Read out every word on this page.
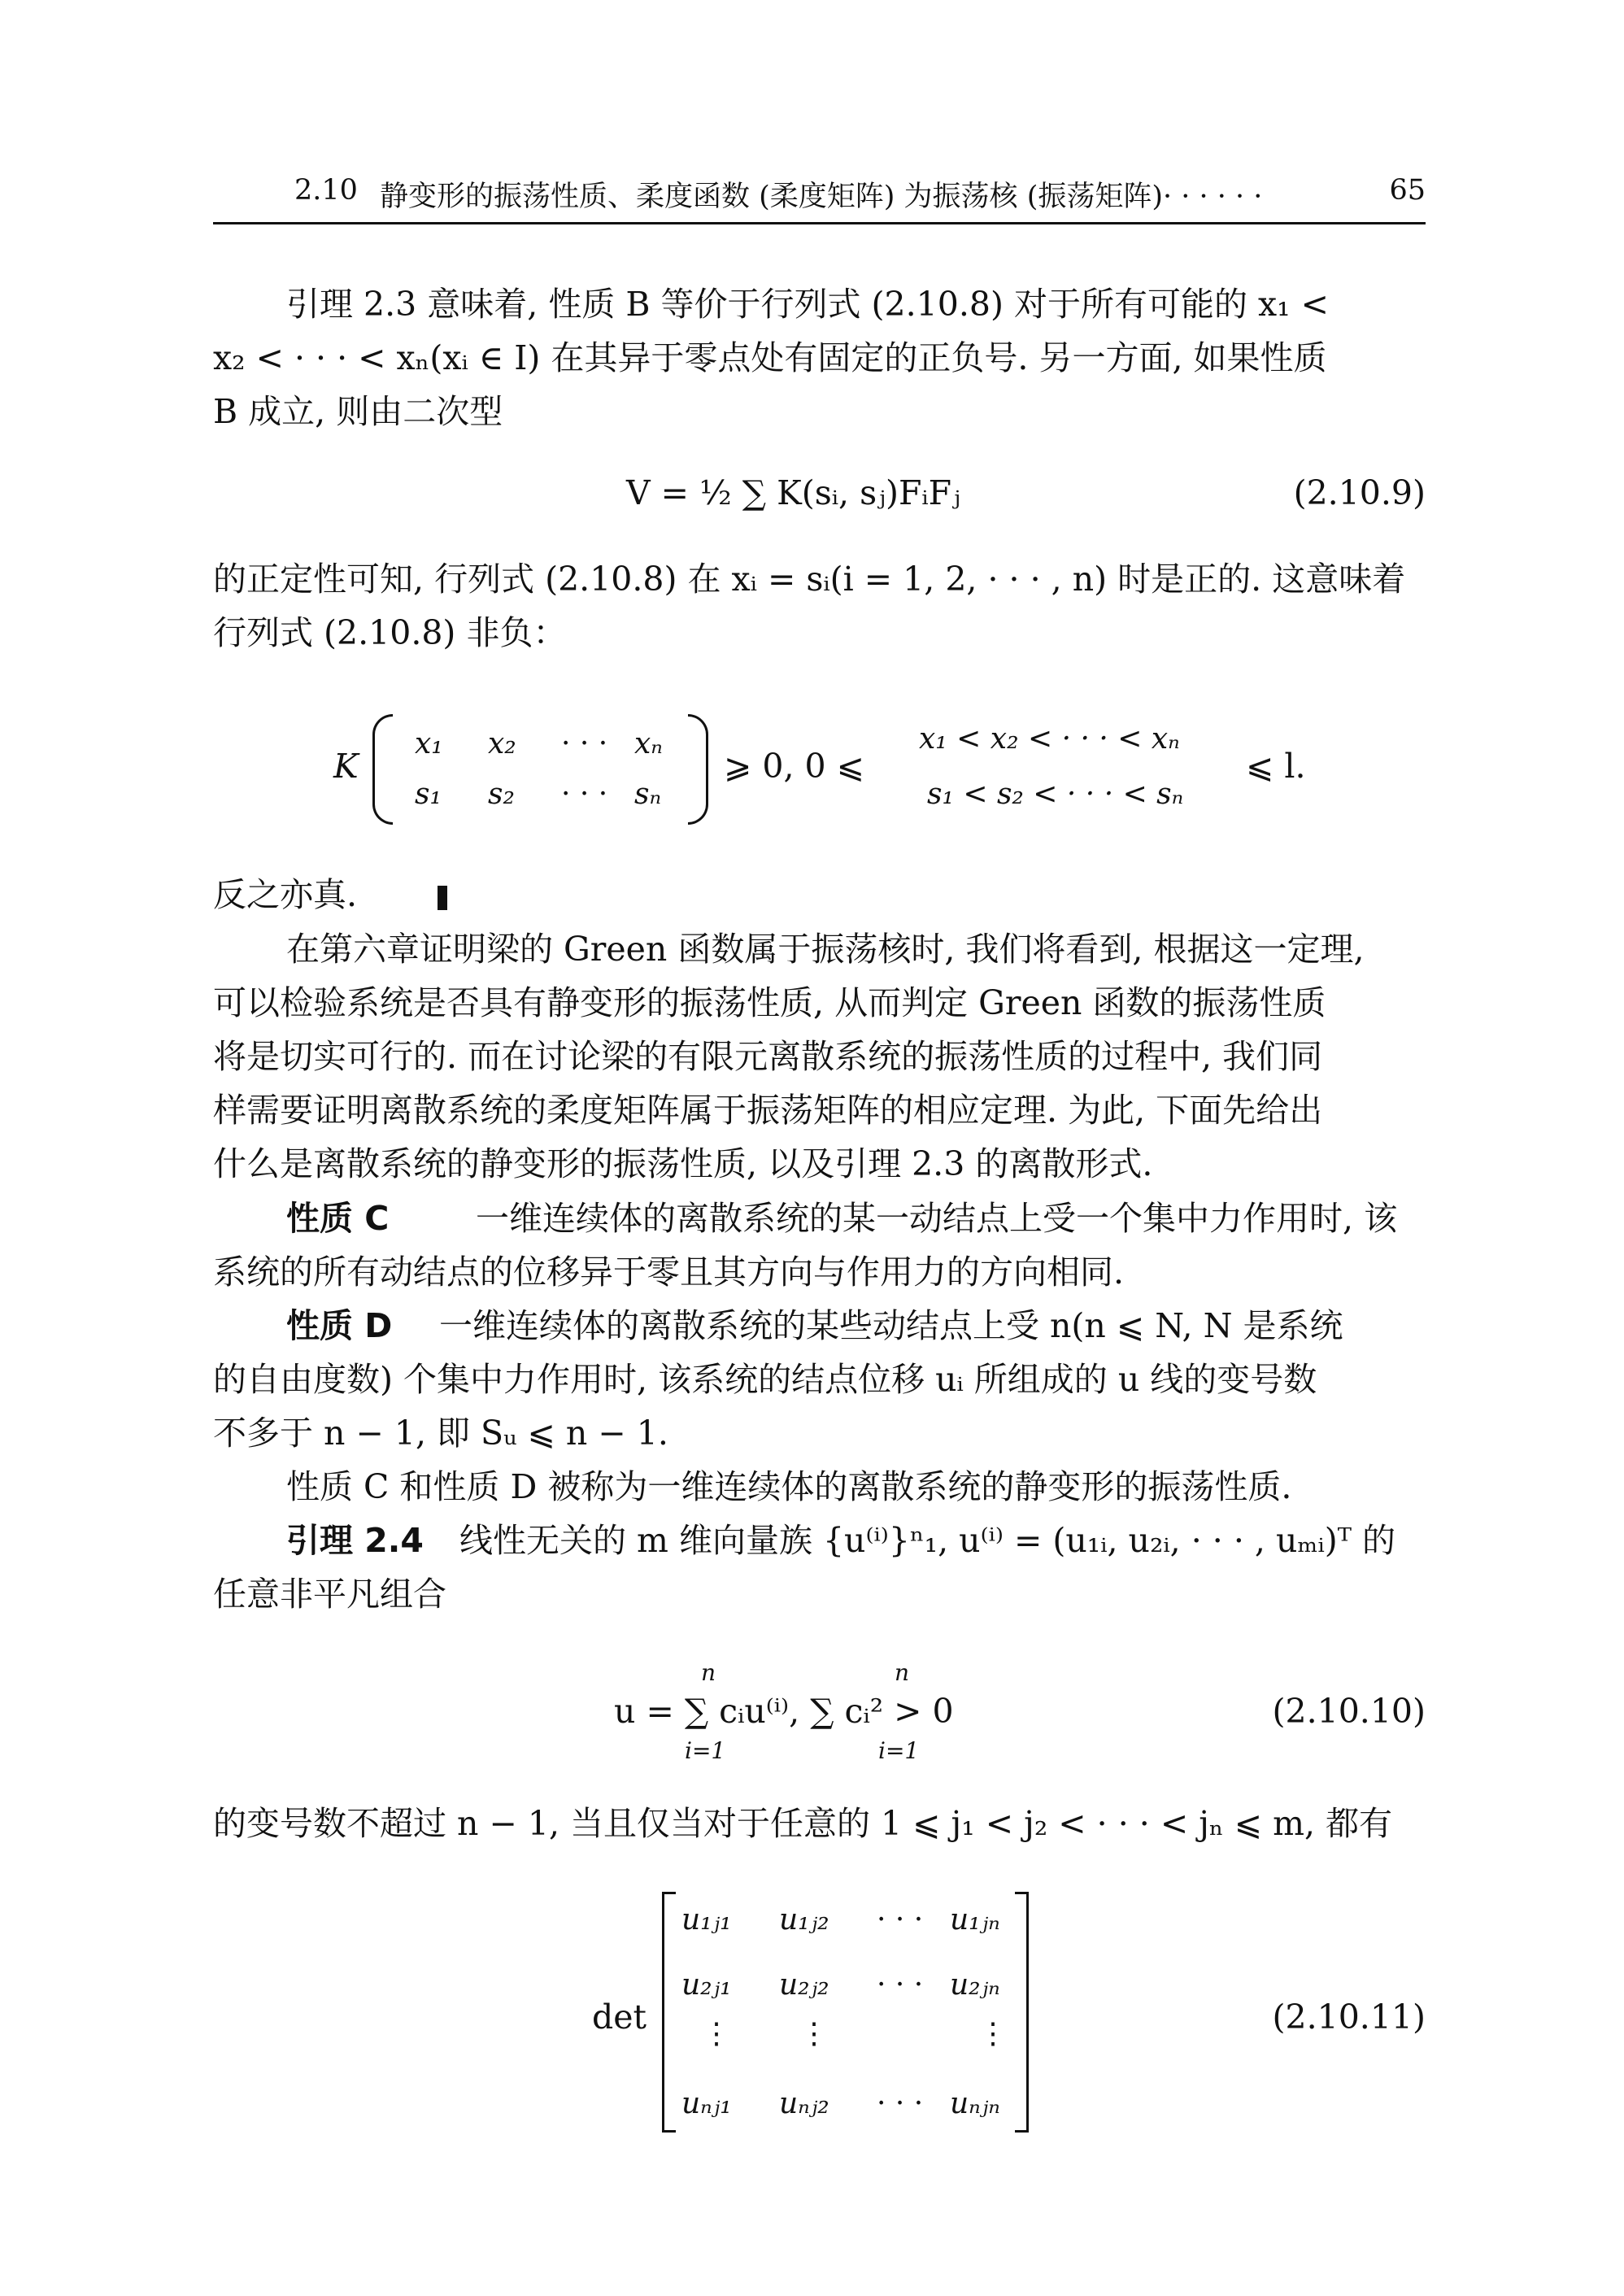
2.10 静变形的振荡性质、柔度函数 (柔度矩阵) 为振荡核 (振荡矩阵)· · · · · ·	65
引理 2.3 意味着, 性质 B 等价于行列式 (2.10.8) 对于所有可能的 x₁ <
x₂ < · · · < xₙ(xᵢ ∈ I) 在其异于零点处有固定的正负号. 另一方面, 如果性质
B 成立, 则由二次型
V = ½ ∑ K(sᵢ, sⱼ)FᵢFⱼ	(2.10.9)
的正定性可知, 行列式 (2.10.8) 在 xᵢ = sᵢ(i = 1, 2, · · · , n) 时是正的. 这意味着
行列式 (2.10.8) 非负：
K
x₁ x₂ · · · xₙ
s₁ s₂ · · · sₙ
⩾ 0, 0 ⩽
x₁ < x₂ < · · · < xₙ
s₁ < s₂ < · · · < sₙ
⩽ l.
反之亦真.
在第六章证明梁的 Green 函数属于振荡核时, 我们将看到, 根据这一定理,
可以检验系统是否具有静变形的振荡性质, 从而判定 Green 函数的振荡性质
将是切实可行的. 而在讨论梁的有限元离散系统的振荡性质的过程中, 我们同
样需要证明离散系统的柔度矩阵属于振荡矩阵的相应定理. 为此, 下面先给出
什么是离散系统的静变形的振荡性质, 以及引理 2.3 的离散形式.
性质 C	一维连续体的离散系统的某一动结点上受一个集中力作用时, 该
系统的所有动结点的位移异于零且其方向与作用力的方向相同.
性质 D 一维连续体的离散系统的某些动结点上受 n(n ⩽ N, N 是系统
的自由度数) 个集中力作用时, 该系统的结点位移 uᵢ 所组成的 u 线的变号数
不多于 n − 1, 即 Sᵤ ⩽ n − 1.
性质 C 和性质 D 被称为一维连续体的离散系统的静变形的振荡性质.
引理 2.4 线性无关的 m 维向量族 {u⁽ⁱ⁾}ⁿ₁, u⁽ⁱ⁾ = (u₁ᵢ, u₂ᵢ, · · · , uₘᵢ)ᵀ 的
任意非平凡组合
u = ∑ cᵢu⁽ⁱ⁾, ∑ cᵢ² > 0
n
i=1
n
i=1
(2.10.10)
的变号数不超过 n − 1, 当且仅当对于任意的 1 ⩽ j₁ < j₂ < · · · < jₙ ⩽ m, 都有
det
u₁ⱼ₁ u₁ⱼ₂ · · · u₁ⱼₙ
u₂ⱼ₁ u₂ⱼ₂ · · · u₂ⱼₙ
⋮ ⋮	⋮
uₙⱼ₁ uₙⱼ₂ · · · uₙⱼₙ
(2.10.11)
